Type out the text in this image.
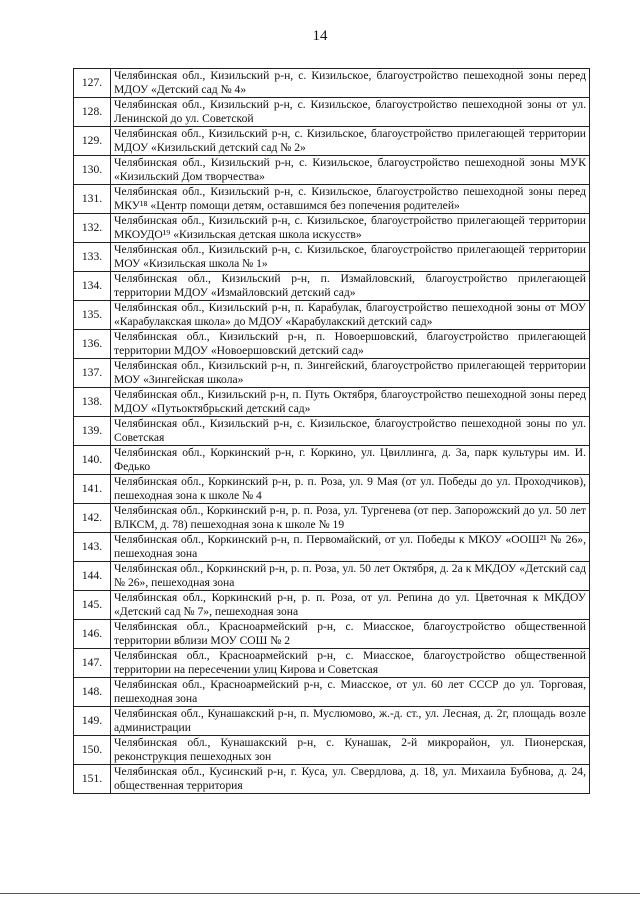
14
127.	Челябинская обл., Кизильский р-н, с. Кизильское, благоустройство пешеходной зоны перед МДОУ «Детский сад № 4»
128.	Челябинская обл., Кизильский р-н, с. Кизильское, благоустройство пешеходной зоны от ул. Ленинской до ул. Советской
129.	Челябинская обл., Кизильский р-н, с. Кизильское, благоустройство прилегающей территории МДОУ «Кизильский детский сад № 2»
130.	Челябинская обл., Кизильский р-н, с. Кизильское, благоустройство пешеходной зоны МУК «Кизильский Дом творчества»
131.	Челябинская обл., Кизильский р-н, с. Кизильское, благоустройство пешеходной зоны перед МКУ¹⁸ «Центр помощи детям, оставшимся без попечения родителей»
132.	Челябинская обл., Кизильский р-н, с. Кизильское, благоустройство прилегающей территории МКОУДО¹⁹ «Кизильская детская школа искусств»
133.	Челябинская обл., Кизильский р-н, с. Кизильское, благоустройство прилегающей территории МОУ «Кизильская школа № 1»
134.	Челябинская обл., Кизильский р-н, п. Измайловский, благоустройство прилегающей территории МДОУ «Измайловский детский сад»
135.	Челябинская обл., Кизильский р-н, п. Карабулак, благоустройство пешеходной зоны от МОУ «Карабулакская школа» до МДОУ «Карабулакский детский сад»
136.	Челябинская обл., Кизильский р-н, п. Новоершовский, благоустройство прилегающей территории МДОУ «Новоершовский детский сад»
137.	Челябинская обл., Кизильский р-н, п. Зингейский, благоустройство прилегающей территории МОУ «Зингейская школа»
138.	Челябинская обл., Кизильский р-н, п. Путь Октября, благоустройство пешеходной зоны перед МДОУ «Путьоктябрьский детский сад»
139.	Челябинская обл., Кизильский р-н, с. Кизильское, благоустройство пешеходной зоны по ул. Советская
140.	Челябинская обл., Коркинский р-н, г. Коркино, ул. Цвиллинга, д. 3а, парк культуры им. И. Федько
141.	Челябинская обл., Коркинский р-н, р. п. Роза, ул. 9 Мая (от ул. Победы до ул. Проходчиков), пешеходная зона к школе № 4
142.	Челябинская обл., Коркинский р-н, р. п. Роза, ул. Тургенева (от пер. Запорожский до ул. 50 лет ВЛКСМ, д. 78) пешеходная зона к школе № 19
143.	Челябинская обл., Коркинский р-н, п. Первомайский, от ул. Победы к МКОУ «ООШ²¹ № 26», пешеходная зона
144.	Челябинская обл., Коркинский р-н, р. п. Роза, ул. 50 лет Октября, д. 2а к МКДОУ «Детский сад № 26», пешеходная зона
145.	Челябинская обл., Коркинский р-н, р. п. Роза, от ул. Репина до ул. Цветочная к МКДОУ «Детский сад № 7», пешеходная зона
146.	Челябинская обл., Красноармейский р-н, с. Миасское, благоустройство общественной территории вблизи МОУ СОШ № 2
147.	Челябинская обл., Красноармейский р-н, с. Миасское, благоустройство общественной территории на пересечении улиц Кирова и Советская
148.	Челябинская обл., Красноармейский р-н, с. Миасское, от ул. 60 лет СССР до ул. Торговая, пешеходная зона
149.	Челябинская обл., Кунашакский р-н, п. Муслюмово, ж.-д. ст., ул. Лесная, д. 2г, площадь возле администрации
150.	Челябинская обл., Кунашакский р-н, с. Кунашак, 2-й микрорайон, ул. Пионерская, реконструкция пешеходных зон
151.	Челябинская обл., Кусинский р-н, г. Куса, ул. Свердлова, д. 18, ул. Михаила Бубнова, д. 24, общественная территория
